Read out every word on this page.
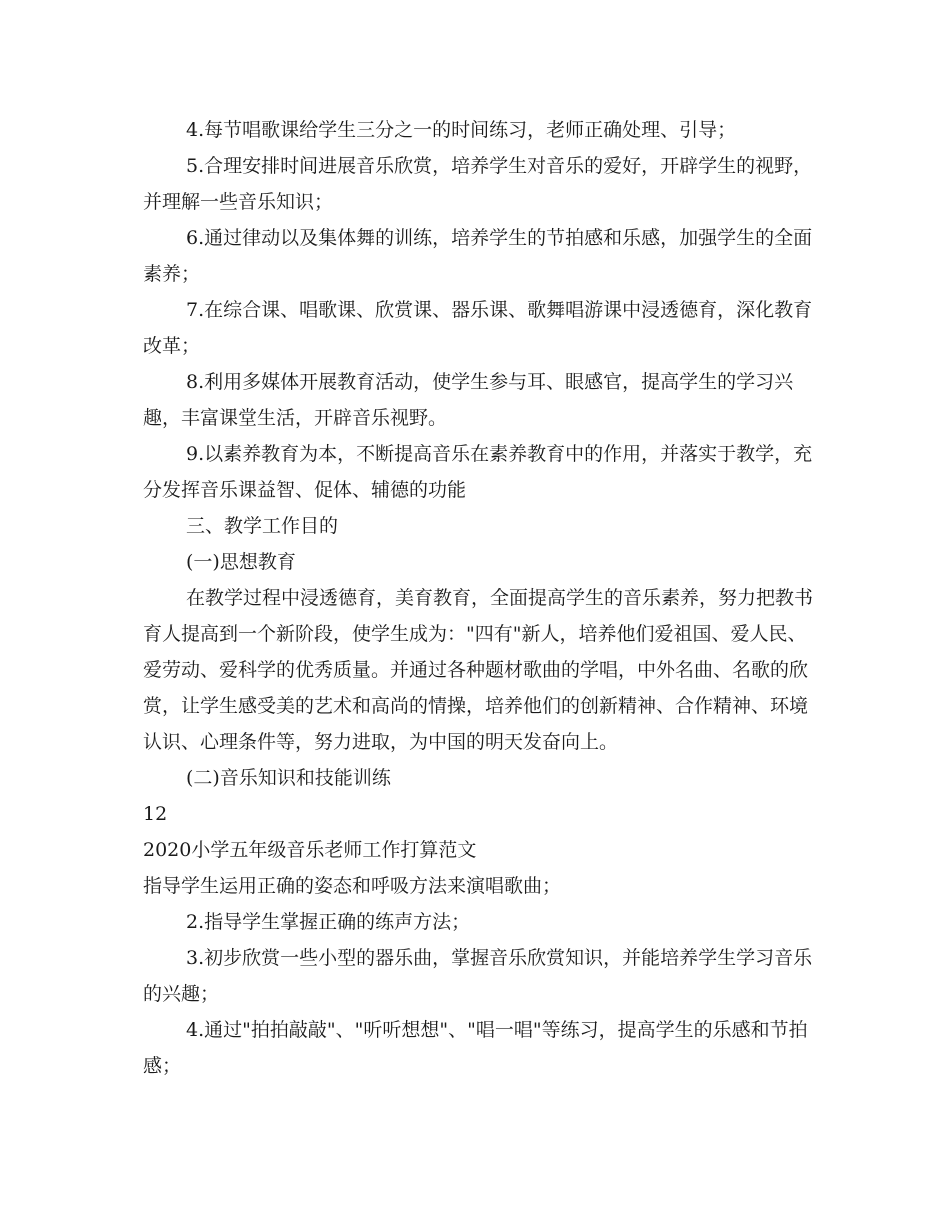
4.每节唱歌课给学生三分之一的时间练习，老师正确处理、引导；

5.合理安排时间进展音乐欣赏，培养学生对音乐的爱好，开辟学生的视野，并理解一些音乐知识；

6.通过律动以及集体舞的训练，培养学生的节拍感和乐感，加强学生的全面素养；

7.在综合课、唱歌课、欣赏课、器乐课、歌舞唱游课中浸透德育，深化教育改革；

8.利用多媒体开展教育活动，使学生参与耳、眼感官，提高学生的学习兴趣，丰富课堂生活，开辟音乐视野。

9.以素养教育为本，不断提高音乐在素养教育中的作用，并落实于教学，充分发挥音乐课益智、促体、辅德的功能

三、教学工作目的

(一)思想教育

在教学过程中浸透德育，美育教育，全面提高学生的音乐素养，努力把教书育人提高到一个新阶段，使学生成为："四有"新人，培养他们爱祖国、爱人民、爱劳动、爱科学的优秀质量。并通过各种题材歌曲的学唱，中外名曲、名歌的欣赏，让学生感受美的艺术和高尚的情操，培养他们的创新精神、合作精神、环境认识、心理条件等，努力进取，为中国的明天发奋向上。

(二)音乐知识和技能训练

12

2020小学五年级音乐老师工作打算范文

指导学生运用正确的姿态和呼吸方法来演唱歌曲；

2.指导学生掌握正确的练声方法；

3.初步欣赏一些小型的器乐曲，掌握音乐欣赏知识，并能培养学生学习音乐的兴趣；

4.通过"拍拍敲敲"、"听听想想"、"唱一唱"等练习，提高学生的乐感和节拍感；
